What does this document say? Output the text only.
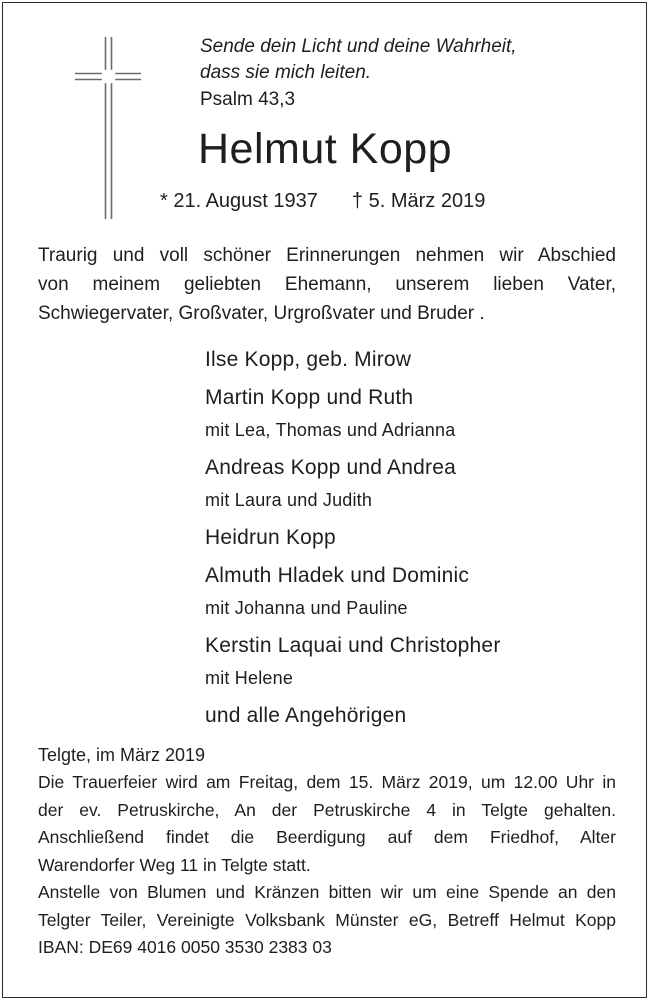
Sende dein Licht und deine Wahrheit,
dass sie mich leiten.
Psalm 43,3
Helmut Kopp
* 21. August 1937 † 5. März 2019
Traurig und voll schöner Erinnerungen nehmen wir Abschied
von meinem geliebten Ehemann, unserem lieben Vater,
Schwiegervater, Großvater, Urgroßvater und Bruder .
Ilse Kopp, geb. Mirow
Martin Kopp und Ruth
mit Lea, Thomas und Adrianna
Andreas Kopp und Andrea
mit Laura und Judith
Heidrun Kopp
Almuth Hladek und Dominic
mit Johanna und Pauline
Kerstin Laquai und Christopher
mit Helene
und alle Angehörigen
Telgte, im März 2019
Die Trauerfeier wird am Freitag, dem 15. März 2019, um 12.00 Uhr in
der ev. Petruskirche, An der Petruskirche 4 in Telgte gehalten.
Anschließend findet die Beerdigung auf dem Friedhof, Alter
Warendorfer Weg 11 in Telgte statt.
Anstelle von Blumen und Kränzen bitten wir um eine Spende an den
Telgter Teiler, Vereinigte Volksbank Münster eG, Betreff Helmut Kopp
IBAN: DE69 4016 0050 3530 2383 03
